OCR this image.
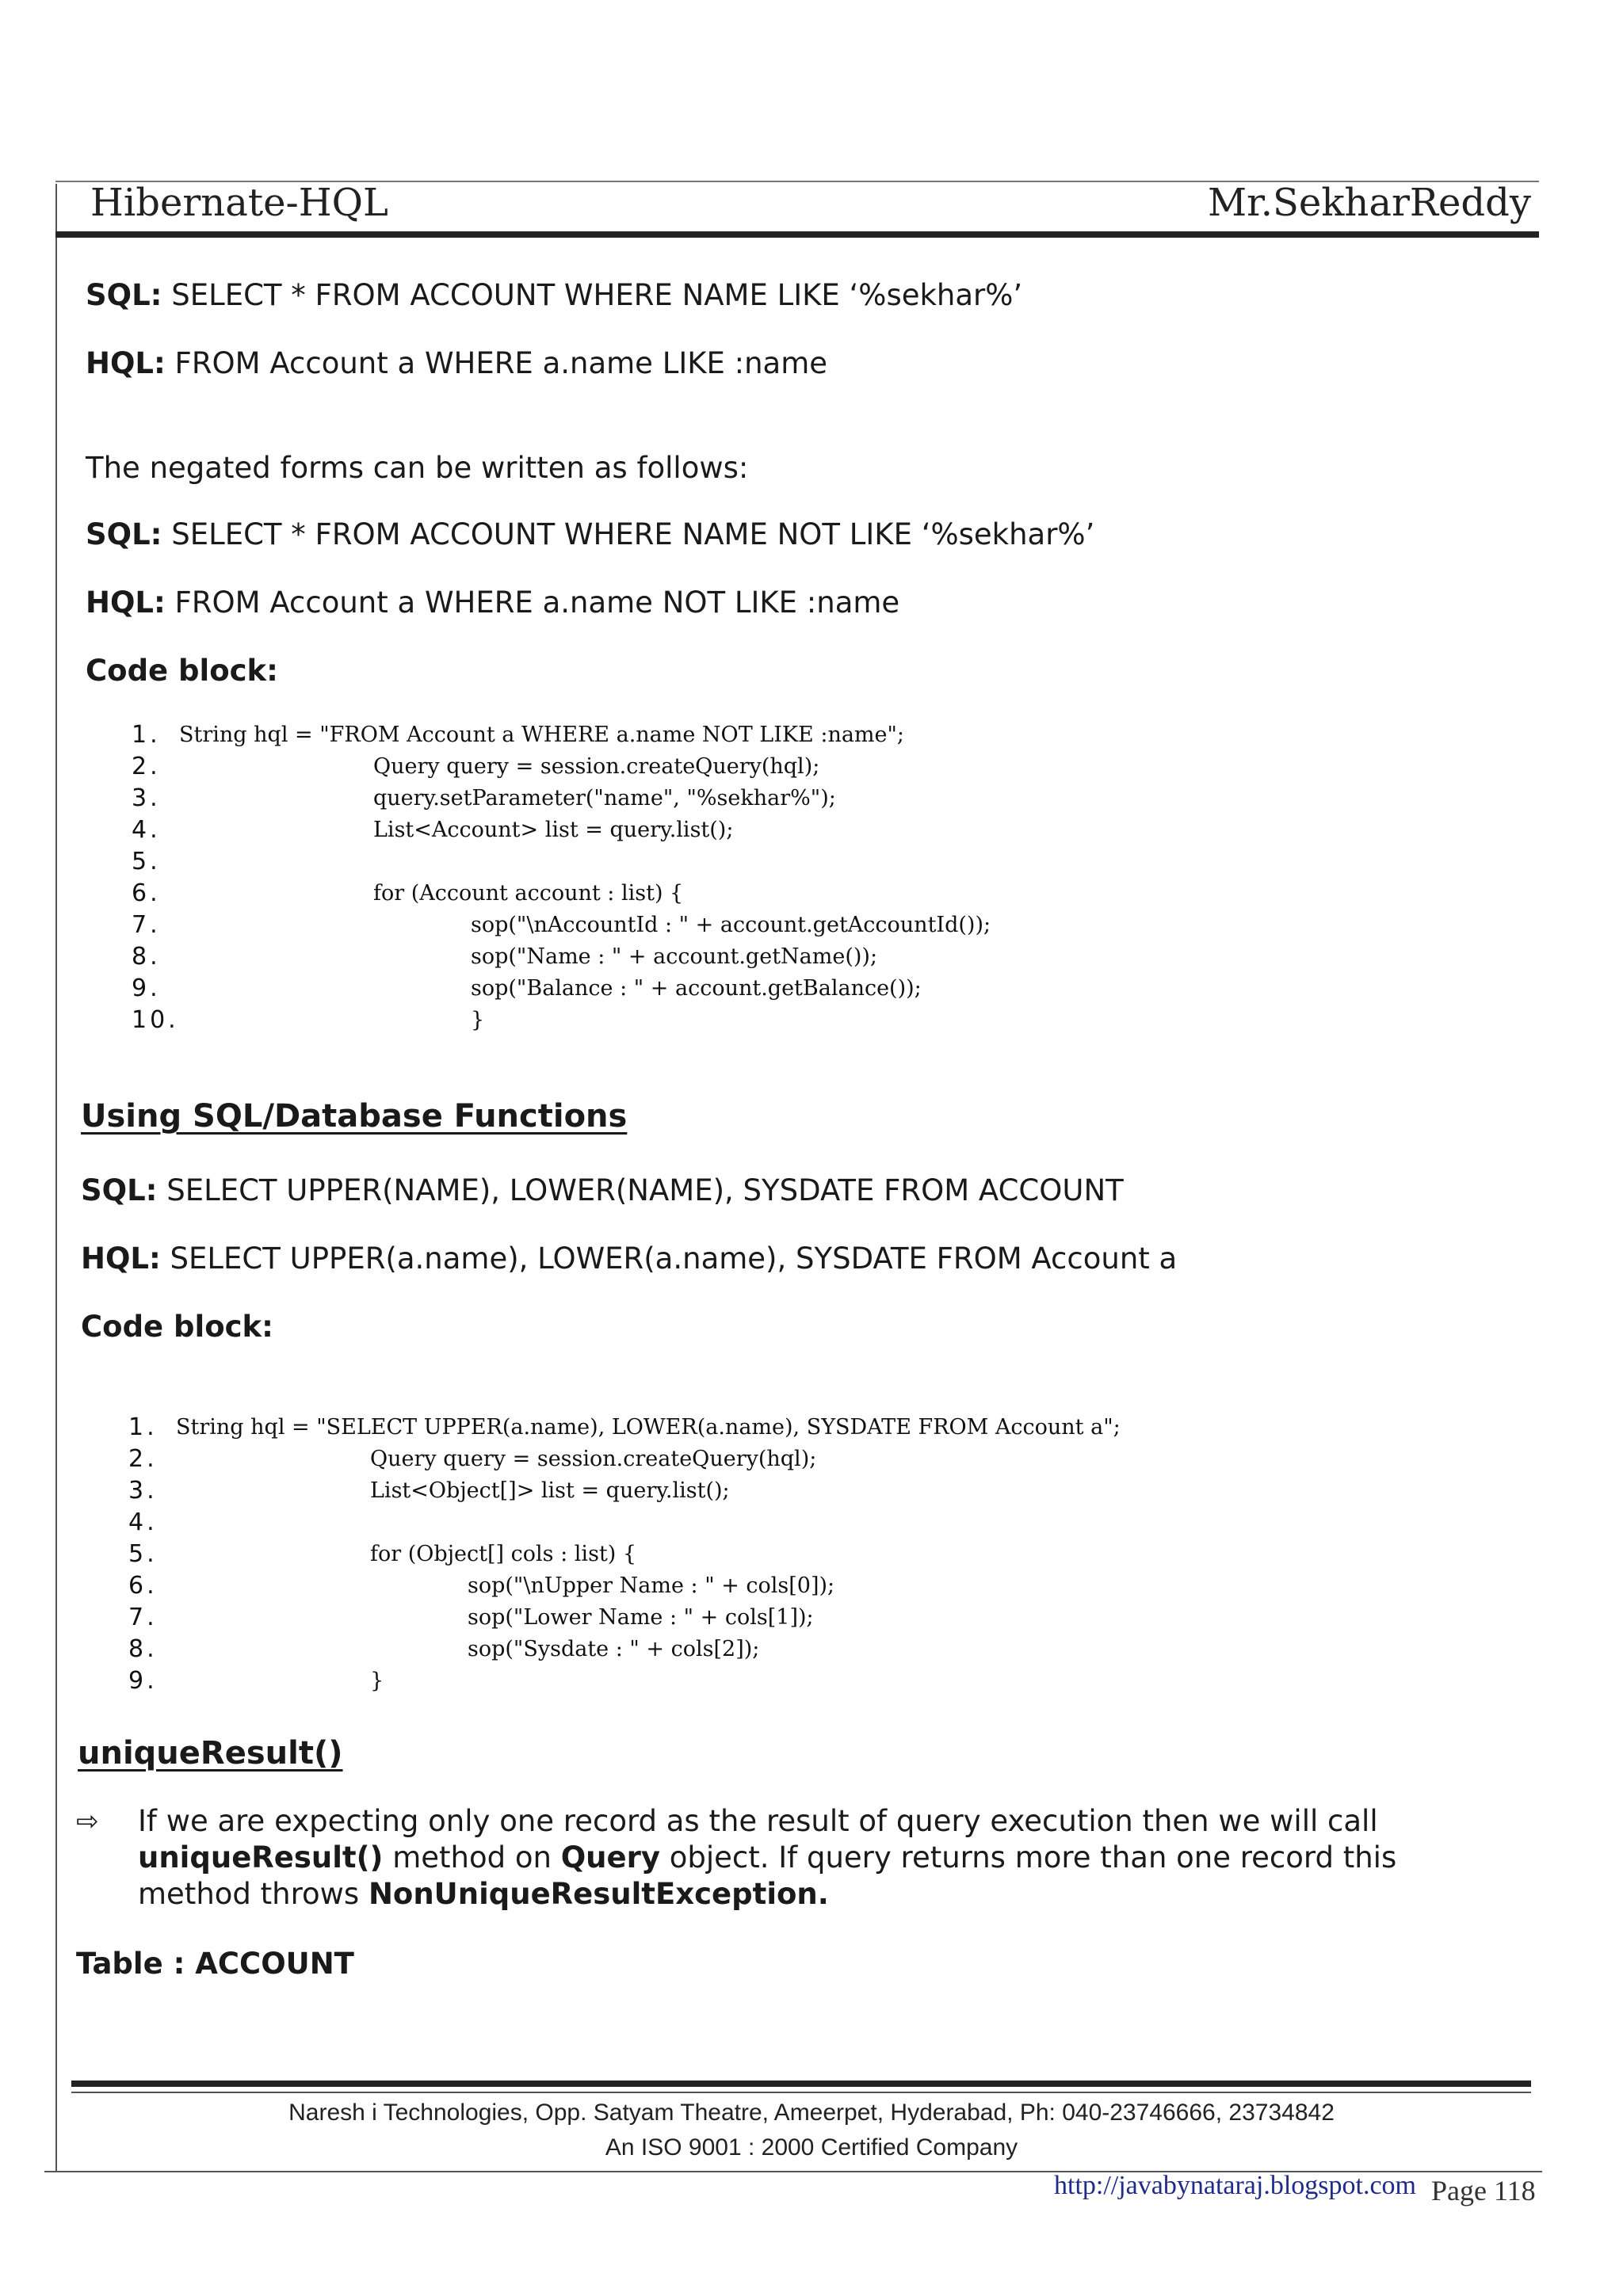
Hibernate-HQL	Mr.SekharReddy
SQL: SELECT * FROM ACCOUNT WHERE NAME LIKE ‘%sekhar%’
HQL: FROM Account a WHERE a.name LIKE :name
The negated forms can be written as follows:
SQL: SELECT * FROM ACCOUNT WHERE NAME NOT LIKE ‘%sekhar%’
HQL: FROM Account a WHERE a.name NOT LIKE :name
Code block:
1. String hql = "FROM Account a WHERE a.name NOT LIKE :name";
2.	Query query = session.createQuery(hql);
3.	query.setParameter("name", "%sekhar%");
4.	List<Account> list = query.list();
5.
6.	for (Account account : list) {
7.	sop("\nAccountId : " + account.getAccountId());
8.	sop("Name : " + account.getName());
9.	sop("Balance : " + account.getBalance());
10.	}
Using SQL/Database Functions
SQL: SELECT UPPER(NAME), LOWER(NAME), SYSDATE FROM ACCOUNT
HQL: SELECT UPPER(a.name), LOWER(a.name), SYSDATE FROM Account a
Code block:
1. String hql = "SELECT UPPER(a.name), LOWER(a.name), SYSDATE FROM Account a";
2.	Query query = session.createQuery(hql);
3.	List<Object[]> list = query.list();
4.
5.	for (Object[] cols : list) {
6.	sop("\nUpper Name : " + cols[0]);
7.	sop("Lower Name : " + cols[1]);
8.	sop("Sysdate : " + cols[2]);
9.	}
uniqueResult()
⇨ If we are expecting only one record as the result of query execution then we will call uniqueResult() method on Query object. If query returns more than one record this method throws NonUniqueResultException.
Table : ACCOUNT
Naresh i Technologies, Opp. Satyam Theatre, Ameerpet, Hyderabad, Ph: 040-23746666, 23734842
An ISO 9001 : 2000 Certified Company
http://javabynataraj.blogspot.com Page 118
